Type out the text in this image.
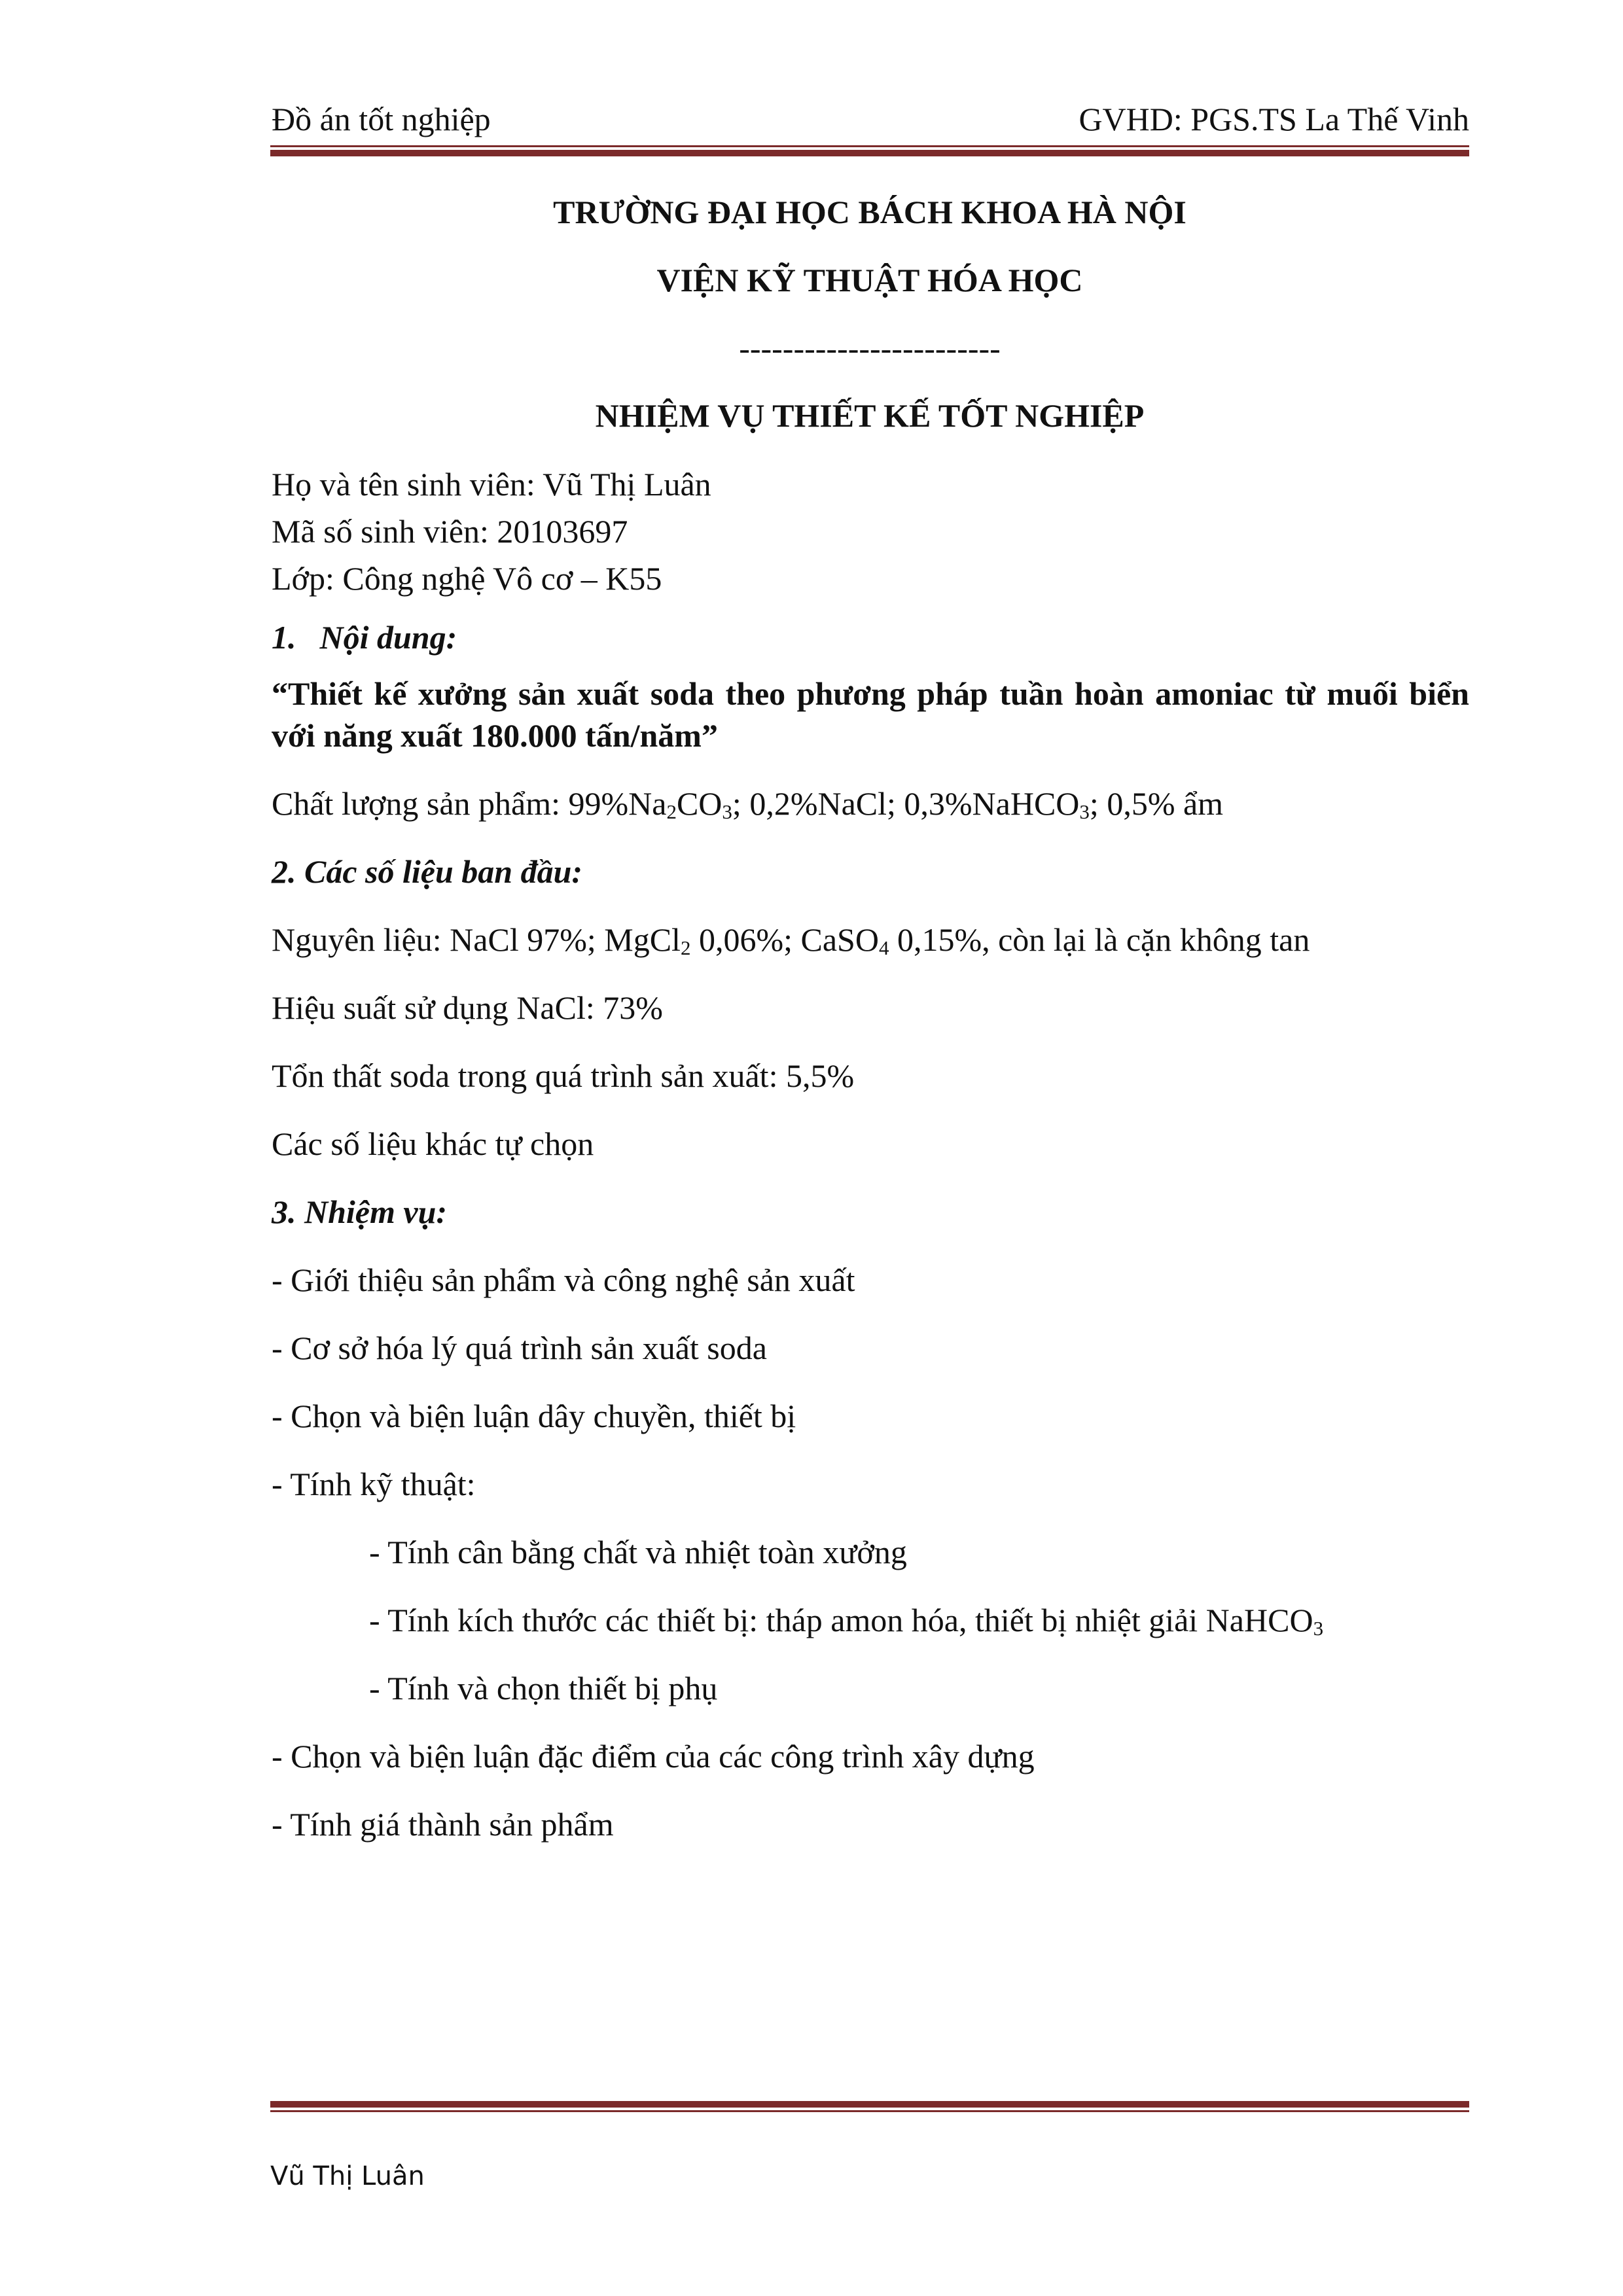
Đồ án tốt nghiệp	GVHD: PGS.TS La Thế Vinh
TRƯỜNG ĐẠI HỌC BÁCH KHOA HÀ NỘI
VIỆN KỸ THUẬT HÓA HỌC
------------------------
NHIỆM VỤ THIẾT KẾ TỐT NGHIỆP
Họ và tên sinh viên: Vũ Thị Luân
Mã số sinh viên: 20103697
Lớp: Công nghệ Vô cơ – K55
1. Nội dung:
“Thiết kế xưởng sản xuất soda theo phương pháp tuần hoàn amoniac từ muối biển với năng xuất 180.000 tấn/năm”
Chất lượng sản phẩm: $99\%Na_2CO_3$; 0,2%NaCl; 0,3%NaHCO$_3$; 0,5% ẩm
2. Các số liệu ban đầu:
Nguyên liệu: NaCl 97%; MgCl$_2$ 0,06%; CaSO$_4$ 0,15%, còn lại là cặn không tan
Hiệu suất sử dụng NaCl: 73%
Tổn thất soda trong quá trình sản xuất: 5,5%
Các số liệu khác tự chọn
3. Nhiệm vụ:
- Giới thiệu sản phẩm và công nghệ sản xuất
- Cơ sở hóa lý quá trình sản xuất soda
- Chọn và biện luận dây chuyền, thiết bị
- Tính kỹ thuật:
- Tính cân bằng chất và nhiệt toàn xưởng
- Tính kích thước các thiết bị: tháp amon hóa, thiết bị nhiệt giải NaHCO$_3$
- Tính và chọn thiết bị phụ
- Chọn và biện luận đặc điểm của các công trình xây dựng
- Tính giá thành sản phẩm
Vũ Thị Luân
